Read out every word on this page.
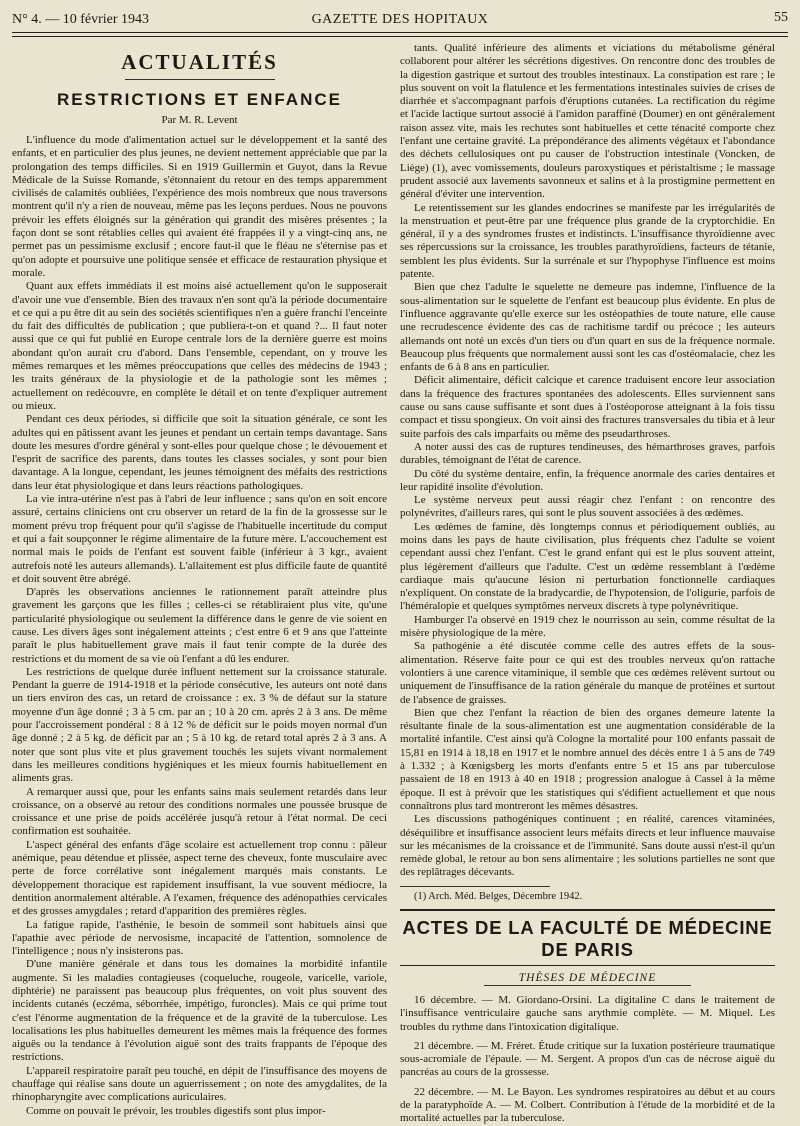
N° 4. — 10 février 1943	GAZETTE DES HOPITAUX	55
ACTUALITÉS
RESTRICTIONS ET ENFANCE
Par M. R. Levent

L'influence du mode d'alimentation actuel sur le développement et la santé des enfants, et en particulier des plus jeunes, ne devient nettement appréciable que par la prolongation des temps difficiles. Si en 1919 Guillermin et Guyot, dans la Revue Médicale de la Suisse Romande, s'étonnaient du retour en des temps apparemment civilisés de calamités oubliées, l'expérience des mois nombreux que nous traversons montrent qu'il n'y a rien de nouveau, même pas les leçons perdues. Nous ne pouvons prévoir les effets éloignés sur la génération qui grandit des misères présentes ; la façon dont se sont rétablies celles qui avaient été frappées il y a vingt-cinq ans, ne permet pas un pessimisme exclusif ; encore faut-il que le fléau ne s'éternise pas et qu'on adopte et poursuive une politique sensée et efficace de restauration physique et morale.

Quant aux effets immédiats il est moins aisé actuellement qu'on le supposerait d'avoir une vue d'ensemble. Bien des travaux n'en sont qu'à la période documentaire et ce qui a pu être dit au sein des sociétés scientifiques n'en a guère franchi l'enceinte du fait des difficultés de publication ; que publiera-t-on et quand ?... Il faut noter aussi que ce qui fut publié en Europe centrale lors de la dernière guerre est moins abondant qu'on aurait cru d'abord. Dans l'ensemble, cependant, on y trouve les mêmes remarques et les mêmes préoccupations que celles des médecins de 1943 ; les traits généraux de la physiologie et de la pathologie sont les mêmes ; actuellement on redécouvre, en complète le détail et on tente d'expliquer autrement ou mieux.

Pendant ces deux périodes, si difficile que soit la situation générale, ce sont les adultes qui en pâtissent avant les jeunes et pendant un certain temps davantage. Sans doute les mesures d'ordre général y sont-elles pour quelque chose ; le dévouement et l'esprit de sacrifice des parents, dans toutes les classes sociales, y sont pour bien davantage. A la longue, cependant, les jeunes témoignent des méfaits des restrictions dans leur état physiologique et dans leurs réactions pathologiques.

La vie intra-utérine n'est pas à l'abri de leur influence ; sans qu'on en soit encore assuré, certains cliniciens ont cru observer un retard de la fin de la grossesse sur le moment prévu trop fréquent pour qu'il s'agisse de l'habituelle incertitude du comput et qui a fait soupçonner le régime alimentaire de la future mère. L'accouchement est normal mais le poids de l'enfant est souvent faible (inférieur à 3 kgr., avaient autrefois noté les auteurs allemands). L'allaitement est plus difficile faute de quantité et doit souvent être abrégé.

D'après les observations anciennes le rationnement paraît atteindre plus gravement les garçons que les filles ; celles-ci se rétabliraient plus vite, qu'une particularité physiologique ou seulement la différence dans le genre de vie soient en cause. Les divers âges sont inégalement atteints ; c'est entre 6 et 9 ans que l'atteinte paraît le plus habituellement grave mais il faut tenir compte de la durée des restrictions et du moment de sa vie où l'enfant a dû les endurer.

Les restrictions de quelque durée influent nettement sur la croissance staturale. Pendant la guerre de 1914-1918 et la période consécutive, les auteurs ont noté dans un tiers environ des cas, un retard de croissance : ex. 3 % de défaut sur la stature moyenne d'un âge donné ; 3 à 5 cm. par an ; 10 à 20 cm. après 2 à 3 ans. De même pour l'accroissement pondéral : 8 à 12 % de déficit sur le poids moyen normal d'un âge donné ; 2 à 5 kg. de déficit par an ; 5 à 10 kg. de retard total après 2 à 3 ans. A noter que sont plus vite et plus gravement touchés les sujets vivant normalement dans les meilleures conditions hygiéniques et les mieux fournis habituellement en aliments gras.

A remarquer aussi que, pour les enfants sains mais seulement retardés dans leur croissance, on a observé au retour des conditions normales une poussée brusque de croissance et une prise de poids accélérée jusqu'à retour à l'état normal. De ceci confirmation est souhaitée.

L'aspect général des enfants d'âge scolaire est actuellement trop connu : pâleur anémique, peau détendue et plissée, aspect terne des cheveux, fonte musculaire avec perte de force corrélative sont inégalement marqués mais constants. Le développement thoracique est rapidement insuffisant, la vue souvent médiocre, la dentition anormalement altérable. A l'examen, fréquence des adénopathies cervicales et des grosses amygdales ; retard d'apparition des premières règles.

La fatigue rapide, l'asthénie, le besoin de sommeil sont habituels ainsi que l'apathie avec période de nervosisme, incapacité de l'attention, somnolence de l'intelligence ; nous n'y insisterons pas.

D'une manière générale et dans tous les domaines la morbidité infantile augmente. Si les maladies contagieuses (coqueluche, rougeole, varicelle, variole, diphtérie) ne paraissent pas beaucoup plus fréquentes, on voit plus souvent des incidents cutanés (eczéma, séborrhée, impétigo, furoncles). Mais ce qui prime tout c'est l'énorme augmentation de la fréquence et de la gravité de la tuberculose. Les localisations les plus habituelles demeurent les mêmes mais la fréquence des formes aiguës ou la tendance à l'évolution aiguë sont des traits frappants de l'époque des restrictions.

L'appareil respiratoire paraît peu touché, en dépit de l'insuffisance des moyens de chauffage qui réalise sans doute un aguerrissement ; on note des amygdalites, de la rhinopharyngite avec complications auriculaires.

Comme on pouvait le prévoir, les troubles digestifs sont plus impor-

tants. Qualité inférieure des aliments et viciations du métabolisme général collaborent pour altérer les sécrétions digestives. On rencontre donc des troubles de la digestion gastrique et surtout des troubles intestinaux. La constipation est rare ; le plus souvent on voit la flatulence et les fermentations intestinales suivies de crises de diarrhée et s'accompagnant parfois d'éruptions cutanées. La rectification du régime et l'acide lactique surtout associé à l'amidon paraffiné (Doumer) en ont généralement raison assez vite, mais les rechutes sont habituelles et cette ténacité comporte chez l'enfant une certaine gravité. La prépondérance des aliments végétaux et l'abondance des déchets cellulosiques ont pu causer de l'obstruction intestinale (Voncken, de Liège) (1), avec vomissements, douleurs paroxystiques et péristaltisme ; le massage prudent associé aux lavements savonneux et salins et à la prostigmine permettent en général d'éviter une intervention.

Le retentissement sur les glandes endocrines se manifeste par les irrégularités de la menstruation et peut-être par une fréquence plus grande de la cryptorchidie. En général, il y a des syndromes frustes et indistincts. L'insuffisance thyroïdienne avec ses répercussions sur la croissance, les troubles parathyroïdiens, facteurs de tétanie, semblent les plus évidents. Sur la surrénale et sur l'hypophyse l'influence est moins patente.

Bien que chez l'adulte le squelette ne demeure pas indemne, l'influence de la sous-alimentation sur le squelette de l'enfant est beaucoup plus évidente. En plus de l'influence aggravante qu'elle exerce sur les ostéopathies de toute nature, elle cause une recrudescence évidente des cas de rachitisme tardif ou précoce ; les auteurs allemands ont noté un excès d'un tiers ou d'un quart en sus de la fréquence normale. Beaucoup plus fréquents que normalement aussi sont les cas d'ostéomalacie, chez les enfants de 6 à 8 ans en particulier.

Déficit alimentaire, déficit calcique et carence traduisent encore leur association dans la fréquence des fractures spontanées des adolescents. Elles surviennent sans cause ou sans cause suffisante et sont dues à l'ostéoporose atteignant à la fois tissu compact et tissu spongieux. On voit ainsi des fractures transversales du tibia et à leur suite parfois des cals imparfaits ou même des pseudarthroses.

A noter aussi des cas de ruptures tendineuses, des hémarthroses graves, parfois durables, témoignant de l'état de carence.

Du côté du système dentaire, enfin, la fréquence anormale des caries dentaires et leur rapidité insolite d'évolution.

Le système nerveux peut aussi réagir chez l'enfant : on rencontre des polynévrites, d'ailleurs rares, qui sont le plus souvent associées à des œdèmes.

Les œdèmes de famine, dès longtemps connus et périodiquement oubliés, au moins dans les pays de haute civilisation, plus fréquents chez l'adulte se voient cependant aussi chez l'enfant. C'est le grand enfant qui est le plus souvent atteint, plus légèrement d'ailleurs que l'adulte. C'est un œdème ressemblant à l'œdème cardiaque mais qu'aucune lésion ni perturbation fonctionnelle cardiaques n'expliquent. On constate de la bradycardie, de l'hypotension, de l'oligurie, parfois de l'héméralopie et quelques symptômes nerveux discrets à type polynévritique.

Hamburger l'a observé en 1919 chez le nourrisson au sein, comme résultat de la misère physiologique de la mère.

Sa pathogénie a été discutée comme celle des autres effets de la sous-alimentation. Réserve faite pour ce qui est des troubles nerveux qu'on rattache volontiers à une carence vitaminique, il semble que ces œdèmes relèvent surtout ou uniquement de l'insuffisance de la ration générale du manque de protéines et surtout de l'absence de graisses.

Bien que chez l'enfant la réaction de bien des organes demeure latente la résultante finale de la sous-alimentation est une augmentation considérable de la mortalité infantile. C'est ainsi qu'à Cologne la mortalité pour 100 enfants passait de 15,81 en 1914 à 18,18 en 1917 et le nombre annuel des décès entre 1 à 5 ans de 749 à 1.332 ; à Kœnigsberg les morts d'enfants entre 5 et 15 ans par tuberculose passaient de 18 en 1913 à 40 en 1918 ; progression analogue à Cassel à la même époque. Il est à prévoir que les statistiques qui s'édifient actuellement et que nous connaîtrons plus tard montreront les mêmes désastres.

Les discussions pathogéniques continuent ; en réalité, carences vitaminées, déséquilibre et insuffisance associent leurs méfaits directs et leur influence mauvaise sur les mécanismes de la croissance et de l'immunité. Sans doute aussi n'est-il qu'un remède global, le retour au bon sens alimentaire ; les solutions partielles ne sont que des replâtrages décevants.

(1) Arch. Méd. Belges, Décembre 1942.

ACTES DE LA FACULTÉ DE MÉDECINE DE PARIS
THÈSES DE MÉDECINE

16 décembre. — M. Giordano-Orsini. La digitaline C dans le traitement de l'insuffisance ventriculaire gauche sans arythmie complète. — M. Miquel. Les troubles du rythme dans l'intoxication digitalique.

21 décembre. — M. Fréret. Étude critique sur la luxation postérieure traumatique sous-acromiale de l'épaule. — M. Sergent. A propos d'un cas de nécrose aiguë du pancréas au cours de la grossesse.

22 décembre. — M. Le Bayon. Les syndromes respiratoires au début et au cours de la paratyphoïde A. — M. Colbert. Contribution à l'étude de la morbidité et de la mortalité actuelles par la tuberculose.
